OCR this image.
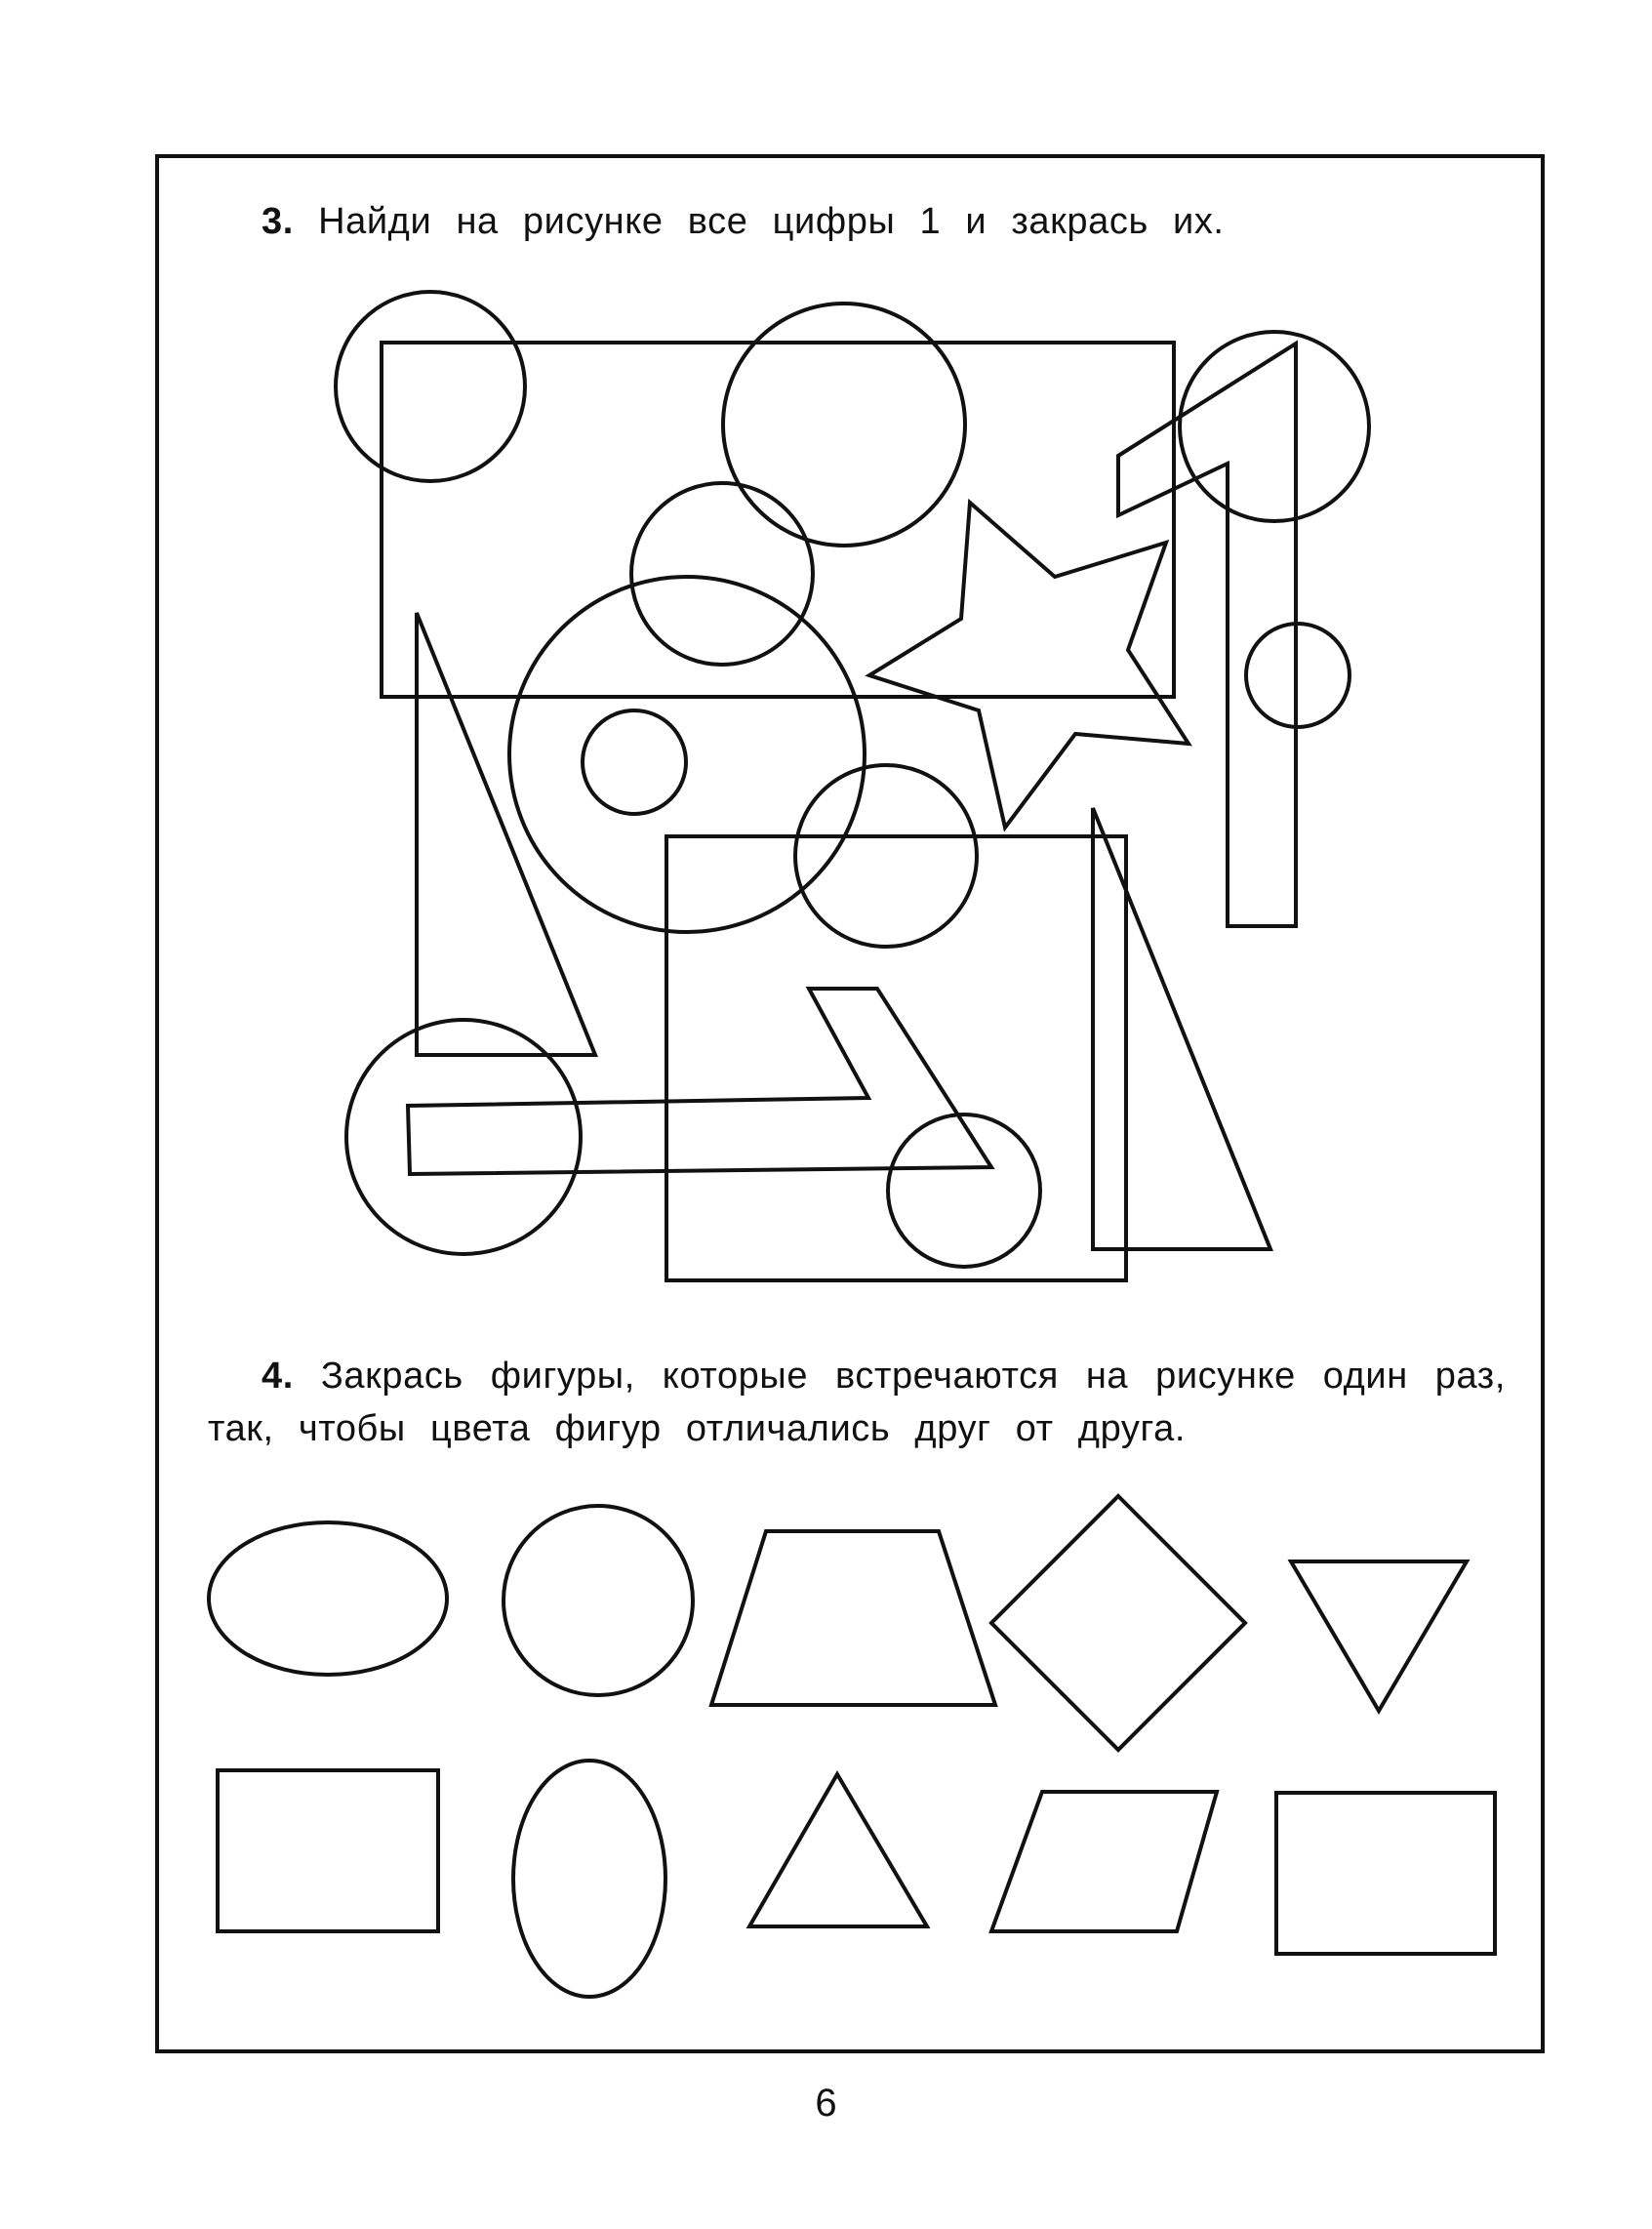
3. Найди на рисунке все цифры 1 и закрась их.
4. Закрась фигуры, которые встречаются на рисунке один раз, так, чтобы цвета фигур отличались друг от друга.
6
